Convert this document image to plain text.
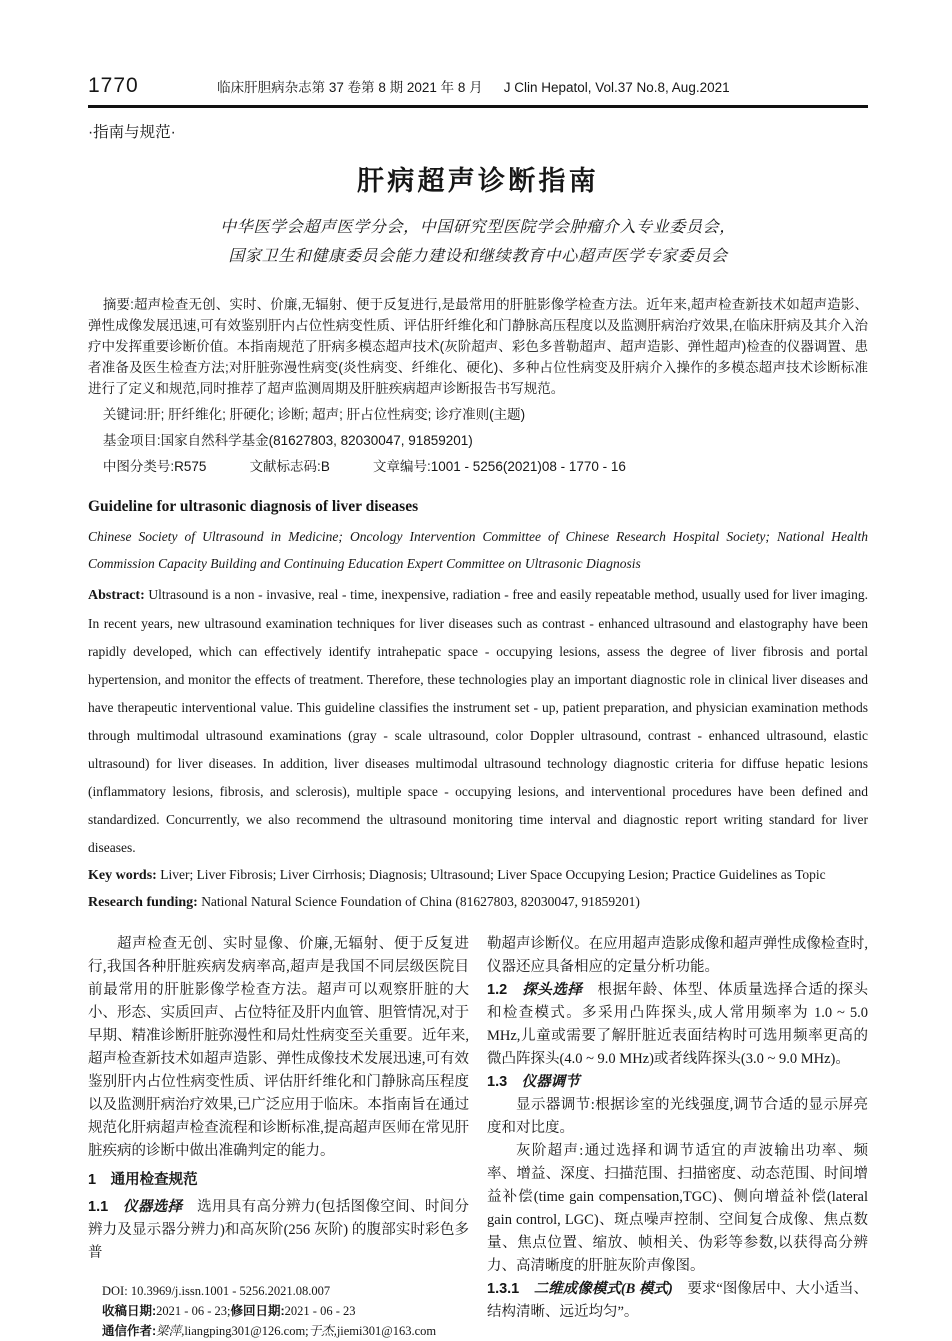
1770	临床肝胆病杂志第 37 卷第 8 期 2021 年 8 月 J Clin Hepatol, Vol.37 No.8, Aug.2021
·指南与规范·
肝病超声诊断指南
中华医学会超声医学分会，中国研究型医院学会肿瘤介入专业委员会，
国家卫生和健康委员会能力建设和继续教育中心超声医学专家委员会

摘要:超声检查无创、实时、价廉,无辐射、便于反复进行,是最常用的肝脏影像学检查方法。近年来,超声检查新技术如超声造影、弹性成像发展迅速,可有效鉴别肝内占位性病变性质、评估肝纤维化和门静脉高压程度以及监测肝病治疗效果,在临床肝病及其介入治疗中发挥重要诊断价值。本指南规范了肝病多模态超声技术(灰阶超声、彩色多普勒超声、超声造影、弹性超声)检查的仪器调置、患者准备及医生检查方法;对肝脏弥漫性病变(炎性病变、纤维化、硬化)、多种占位性病变及肝病介入操作的多模态超声技术诊断标准进行了定义和规范,同时推荐了超声监测周期及肝脏疾病超声诊断报告书写规范。

关键词:肝; 肝纤维化; 肝硬化; 诊断; 超声; 肝占位性病变; 诊疗准则(主题)

基金项目:国家自然科学基金(81627803, 82030047, 91859201)

中图分类号:R575	文献标志码:B	文章编号:1001 - 5256(2021)08 - 1770 - 16

Guideline for ultrasonic diagnosis of liver diseases

Chinese Society of Ultrasound in Medicine; Oncology Intervention Committee of Chinese Research Hospital Society; National Health Commission Capacity Building and Continuing Education Expert Committee on Ultrasonic Diagnosis

Abstract: Ultrasound is a non - invasive, real - time, inexpensive, radiation - free and easily repeatable method, usually used for liver imaging. In recent years, new ultrasound examination techniques for liver diseases such as contrast - enhanced ultrasound and elastography have been rapidly developed, which can effectively identify intrahepatic space - occupying lesions, assess the degree of liver fibrosis and portal hypertension, and monitor the effects of treatment. Therefore, these technologies play an important diagnostic role in clinical liver diseases and have therapeutic interventional value. This guideline classifies the instrument set - up, patient preparation, and physician examination methods through multimodal ultrasound examinations (gray - scale ultrasound, color Doppler ultrasound, contrast - enhanced ultrasound, elastic ultrasound) for liver diseases. In addition, liver diseases multimodal ultrasound technology diagnostic criteria for diffuse hepatic lesions (inflammatory lesions, fibrosis, and sclerosis), multiple space - occupying lesions, and interventional procedures have been defined and standardized. Concurrently, we also recommend the ultrasound monitoring time interval and diagnostic report writing standard for liver diseases.

Key words: Liver; Liver Fibrosis; Liver Cirrhosis; Diagnosis; Ultrasound; Liver Space Occupying Lesion; Practice Guidelines as Topic

Research funding: National Natural Science Foundation of China (81627803, 82030047, 91859201)

超声检查无创、实时显像、价廉,无辐射、便于反复进行,我国各种肝脏疾病发病率高,超声是我国不同层级医院目前最常用的肝脏影像学检查方法。超声可以观察肝脏的大小、形态、实质回声、占位特征及肝内血管、胆管情况,对于早期、精准诊断肝脏弥漫性和局灶性病变至关重要。近年来,超声检查新技术如超声造影、弹性成像技术发展迅速,可有效鉴别肝内占位性病变性质、评估肝纤维化和门静脉高压程度以及监测肝病治疗效果,已广泛应用于临床。本指南旨在通过规范化肝病超声检查流程和诊断标准,提高超声医师在常见肝脏疾病的诊断中做出准确判定的能力。

1　通用检查规范

1.1 仪器选择 选用具有高分辨力(包括图像空间、时间分辨力及显示器分辨力)和高灰阶(256 灰阶) 的腹部实时彩色多普

DOI: 10.3969/j.issn.1001 - 5256.2021.08.007
收稿日期:2021 - 06 - 23;修回日期:2021 - 06 - 23
通信作者:梁萍,liangping301@126.com;于杰,jiemi301@163.com

勒超声诊断仪。在应用超声造影成像和超声弹性成像检查时,仪器还应具备相应的定量分析功能。

1.2 探头选择 根据年龄、体型、体质量选择合适的探头和检查模式。多采用凸阵探头,成人常用频率为 1.0 ~ 5.0 MHz,儿童或需要了解肝脏近表面结构时可选用频率更高的微凸阵探头(4.0 ~ 9.0 MHz)或者线阵探头(3.0 ~ 9.0 MHz)。

1.3 仪器调节

显示器调节:根据诊室的光线强度,调节合适的显示屏亮度和对比度。

灰阶超声:通过选择和调节适宜的声波输出功率、频率、增益、深度、扫描范围、扫描密度、动态范围、时间增益补偿(time gain compensation,TGC)、侧向增益补偿(lateral gain control, LGC)、斑点噪声控制、空间复合成像、焦点数量、焦点位置、缩放、帧相关、伪彩等参数,以获得高分辨力、高清晰度的肝脏灰阶声像图。

1.3.1 二维成像模式(B 模式) 要求“图像居中、大小适当、结构清晰、远近均匀”。
